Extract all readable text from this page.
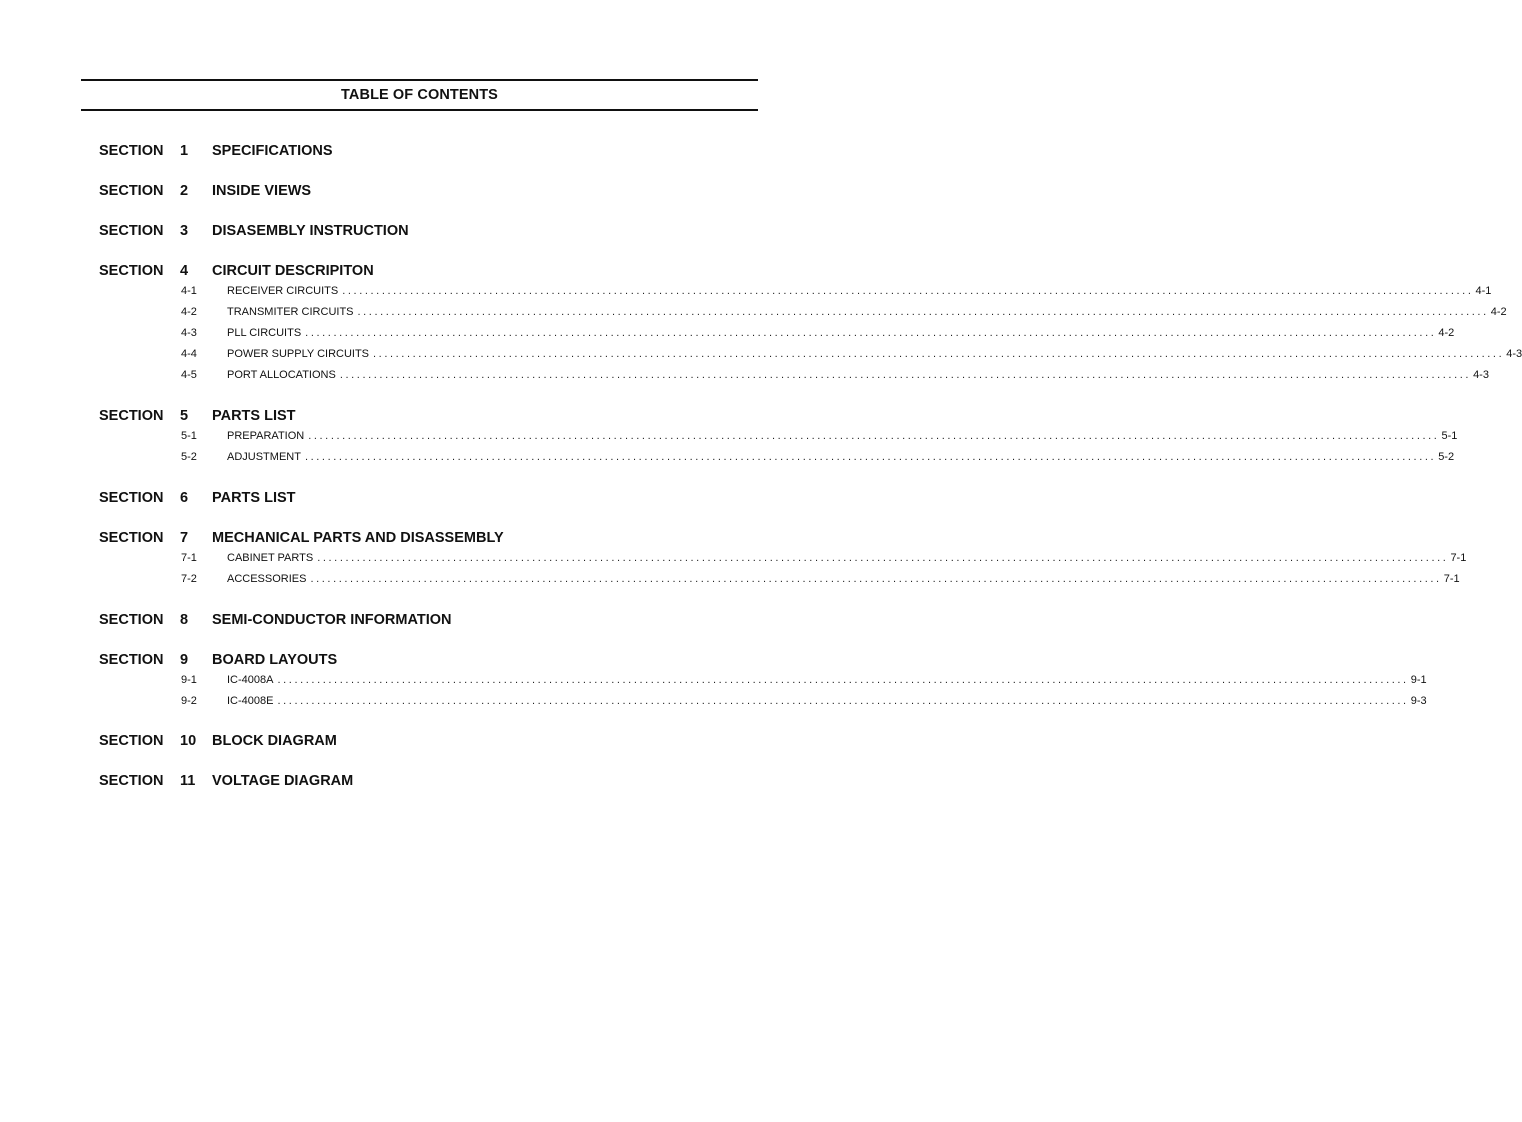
TABLE OF CONTENTS
SECTION 1 SPECIFICATIONS
SECTION 2 INSIDE VIEWS
SECTION 3 DISASEMBLY INSTRUCTION
SECTION 4 CIRCUIT DESCRIPITON
4-1	RECEIVER CIRCUITS ........................................................................................................................................................................................................ 4-1
4-2	TRANSMITER CIRCUITS ........................................................................................................................................................................................................ 4-2
4-3	PLL CIRCUITS ........................................................................................................................................................................................................ 4-2
4-4	POWER SUPPLY CIRCUITS ........................................................................................................................................................................................................ 4-3
4-5	PORT ALLOCATIONS ........................................................................................................................................................................................................ 4-3
SECTION 5 PARTS LIST
5-1	PREPARATION ........................................................................................................................................................................................................ 5-1
5-2	ADJUSTMENT ........................................................................................................................................................................................................ 5-2
SECTION 6 PARTS LIST
SECTION 7 MECHANICAL PARTS AND DISASSEMBLY
7-1	CABINET PARTS ........................................................................................................................................................................................................ 7-1
7-2	ACCESSORIES ........................................................................................................................................................................................................ 7-1
SECTION 8 SEMI-CONDUCTOR INFORMATION
SECTION 9 BOARD LAYOUTS
9-1	IC-4008A ........................................................................................................................................................................................................ 9-1
9-2	IC-4008E ........................................................................................................................................................................................................ 9-3
SECTION 10 BLOCK DIAGRAM
SECTION 11 VOLTAGE DIAGRAM
